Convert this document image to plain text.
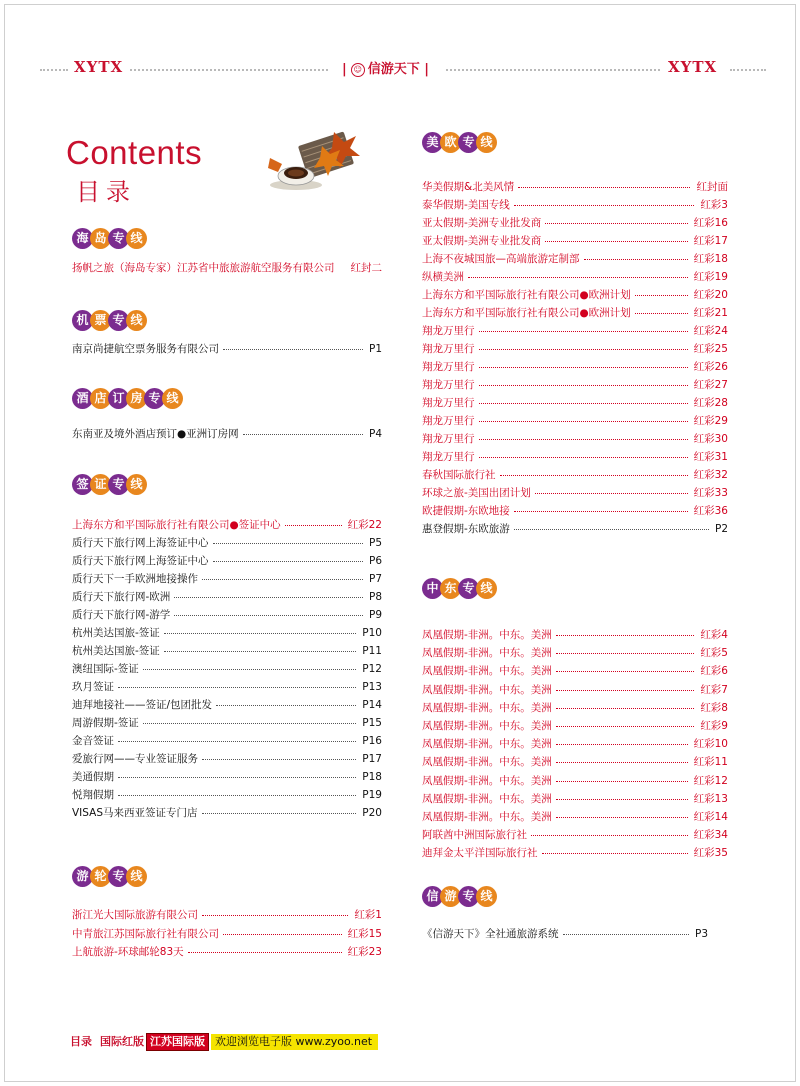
XYTX	| ☺ 信游天下 |	XYTX
Contents
目录
海 岛 专 线
扬帆之旅（海岛专家）江苏省中旅旅游航空服务有限公司 红封二
机 票 专 线
南京尚捷航空票务服务有限公司	P1
酒 店 订 房 专 线
东南亚及境外酒店预订●亚洲订房网	P4
签 证 专 线
上海东方和平国际旅行社有限公司●签证中心	红彩22
质行天下旅行网上海签证中心	P5
质行天下旅行网上海签证中心	P6
质行天下一手欧洲地接操作	P7
质行天下旅行网-欧洲	P8
质行天下旅行网-游学	P9
杭州美达国旅-签证	P10
杭州美达国旅-签证	P11
澳纽国际-签证	P12
玖月签证	P13
迪拜地接社——签证/包团批发	P14
周游假期-签证	P15
金音签证	P16
爱旅行网——专业签证服务	P17
美通假期	P18
悦翔假期	P19
VISAS马来西亚签证专门店	P20
游 轮 专 线
浙江光大国际旅游有限公司	红彩1
中青旅江苏国际旅行社有限公司	红彩15
上航旅游-环球邮轮83天	红彩23
美 欧 专 线
华美假期&北美风情	红封面
泰华假期-美国专线	红彩3
亚太假期-美洲专业批发商	红彩16
亚太假期-美洲专业批发商	红彩17
上海不夜城国旅—高端旅游定制部	红彩18
纵横美洲	红彩19
上海东方和平国际旅行社有限公司●欧洲计划	红彩20
上海东方和平国际旅行社有限公司●欧洲计划	红彩21
翔龙万里行	红彩24
翔龙万里行	红彩25
翔龙万里行	红彩26
翔龙万里行	红彩27
翔龙万里行	红彩28
翔龙万里行	红彩29
翔龙万里行	红彩30
翔龙万里行	红彩31
春秋国际旅行社	红彩32
环球之旅-美国出团计划	红彩33
欧捷假期-东欧地接	红彩36
惠登假期-东欧旅游	P2
中 东 专 线
凤凰假期-非洲。中东。美洲	红彩4
凤凰假期-非洲。中东。美洲	红彩5
凤凰假期-非洲。中东。美洲	红彩6
凤凰假期-非洲。中东。美洲	红彩7
凤凰假期-非洲。中东。美洲	红彩8
凤凰假期-非洲。中东。美洲	红彩9
凤凰假期-非洲。中东。美洲	红彩10
凤凰假期-非洲。中东。美洲	红彩11
凤凰假期-非洲。中东。美洲	红彩12
凤凰假期-非洲。中东。美洲	红彩13
凤凰假期-非洲。中东。美洲	红彩14
阿联酋中洲国际旅行社	红彩34
迪拜金太平洋国际旅行社	红彩35
信 游 专 线
《信游天下》全社通旅游系统	P3
目录 国际红版 江苏国际版 欢迎浏览电子版 www.zyoo.net
